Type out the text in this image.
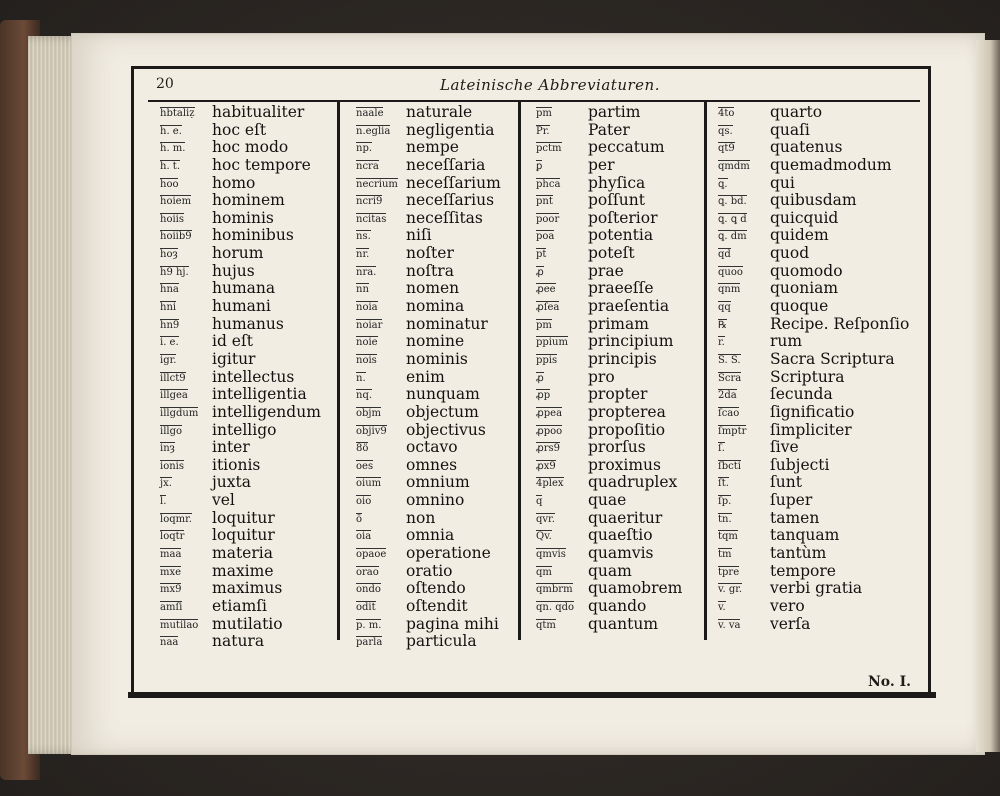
20	Lateinische Abbreviaturen.
hbtaliẓ habitualiter
h. e. hoc eſt
h. m. hoc modo
h. t. hoc tempore
hoo homo
hoiem hominem
hoiis hominis
hoiib9 hominibus
hoȝ horum
h9 hj. hujus
hna humana
hni humani
hn9 humanus
i. e. id eſt
igr. igitur
illct9 intellectus
illgea intelligentia
illgdum intelligendum
illgo intelligo
inȝ inter
ionis itionis
jx.	juxta
l.	vel
loqmr. loquitur
loqtr loquitur
maa materia
mxe maxime
mx9 maximus
amſi etiamſi
mutilao mutilatio
naa natura
naale naturale
n.eglia negligentia
np. nempe
ncra neceſſaria
necrium neceſſarium
ncri9 neceſſarius
ncitas neceſſitas
ns. niſi
nr. noſter
nra. noſtra
nn nomen
noia nomina
noiar nominatur
noie nomine
nois nominis
n.	enim
nq. nunquam
objm objectum
objiv9 objectivus
8ö octavo
oes omnes
oium omnium
oio omnino
ō	non
oia omnia
opaoe operatione
orao oratio
ondo oſtendo
odit oſtendit
p. m. pagina mihi
parla particula
pm partim
Pr. Pater
pctm peccatum
ꝑ	per
phca phyſica
pnt poſſunt
poor poſterior
poa potentia
pt	poteſt
ꝓ	prae
ꝓee praeeſſe
ꝓſea praeſentia
pm primam
ppium principium
ppis principis
ꝓ	pro
ꝓp propter
ꝓpea propterea
ꝓpoo propoſitio
ꝓrs9 prorſus
ꝓx9 proximus
4plex quadruplex
q	quae
qvr. quaeritur
Qv. quaeſtio
qmvis quamvis
qm quam
qmbrm quamobrem
qn. qdo quando
qtm quantum
4to quarto
qs. quaſi
qt9 quatenus
qmdm quemadmodum
ꝗ.	qui
ꝗ. bd. quibusdam
ꝗ. ꝗ d quicquid
ꝗ. dm quidem
qd	quod
quoo quomodo
qnm quoniam
qq	quoque
℞	Recipe. Reſponſio
r.	rum
S. S. Sacra Scriptura
Scra Scriptura
2da ſecunda
ſcao ſignificatio
ſmptr ſimpliciter
ſ.	ſive
ſbcti ſubjecti
ſt.	ſunt
ſp. ſuper
tn. tamen
tqm tanquam
tm tantùm
tpre tempore
v. gr. verbi gratia
v.	vero
v. va verſa
No. I.
